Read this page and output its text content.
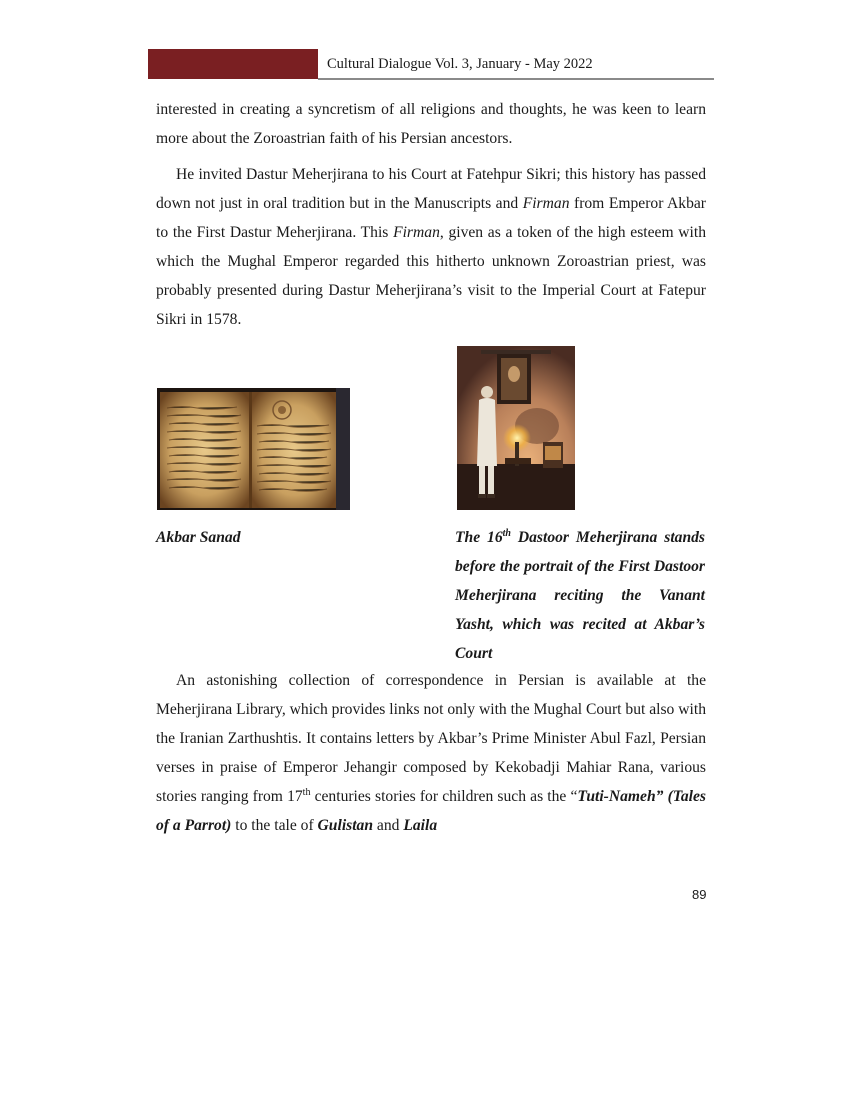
Cultural Dialogue Vol. 3, January - May 2022

interested in creating a syncretism of all religions and thoughts, he was keen to learn more about the Zoroastrian faith of his Persian ancestors.

He invited Dastur Meherjirana to his Court at Fatehpur Sikri; this history has passed down not just in oral tradition but in the Manuscripts and Firman from Emperor Akbar to the First Dastur Meherjirana. This Firman, given as a token of the high esteem with which the Mughal Emperor regarded this hitherto unknown Zoroastrian priest, was probably presented during Dastur Meherjirana’s visit to the Imperial Court at Fatepur Sikri in 1578.

Akbar Sanad	The 16th Dastoor Meherjirana stands before the portrait of the First Dastoor Meherjirana reciting the Vanant Yasht, which was recited at Akbar’s Court

An astonishing collection of correspondence in Persian is available at the Meherjirana Library, which provides links not only with the Mughal Court but also with the Iranian Zarthushtis. It contains letters by Akbar’s Prime Minister Abul Fazl, Persian verses in praise of Emperor Jehangir composed by Kekobadji Mahiar Rana, various stories ranging from 17th centuries stories for children such as the “Tuti-Nameh” (Tales of a Parrot) to the tale of Gulistan and Laila

89
